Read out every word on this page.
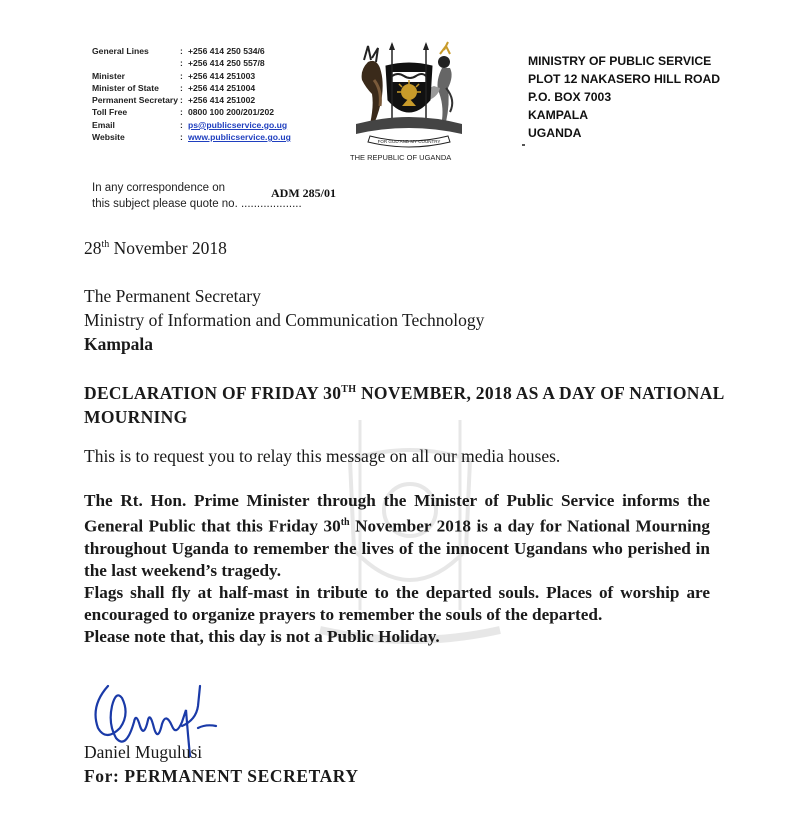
General Lines	: +256 414 250 534/6
: +256 414 250 557/8
Minister	: +256 414 251003
Minister of State	: +256 414 251004
Permanent Secretary : +256 414 251002
Toll Free	: 0800 100 200/201/202
Email	: ps@publicservice.go.ug
Website	: www.publicservice.go.ug	FOR GOD AND MY COUNTRY
THE REPUBLIC OF UGANDA
MINISTRY OF PUBLIC SERVICE
PLOT 12 NAKASERO HILL ROAD
P.O. BOX 7003
KAMPALA
UGANDA
In any correspondence on
this subject please quote no. ...................
ADM 285/01
28th November 2018
The Permanent Secretary
Ministry of Information and Communication Technology
Kampala
DECLARATION OF FRIDAY 30TH NOVEMBER, 2018 AS A DAY OF NATIONAL MOURNING
This is to request you to relay this message on all our media houses.

The Rt. Hon. Prime Minister through the Minister of Public Service informs the General Public that this Friday 30th November 2018 is a day for National Mourning throughout Uganda to remember the lives of the innocent Ugandans who perished in the last weekend’s tragedy.

Flags shall fly at half-mast in tribute to the departed souls. Places of worship are encouraged to organize prayers to remember the souls of the departed.

Please note that, this day is not a Public Holiday.

Daniel Mugulusi
For: PERMANENT SECRETARY
